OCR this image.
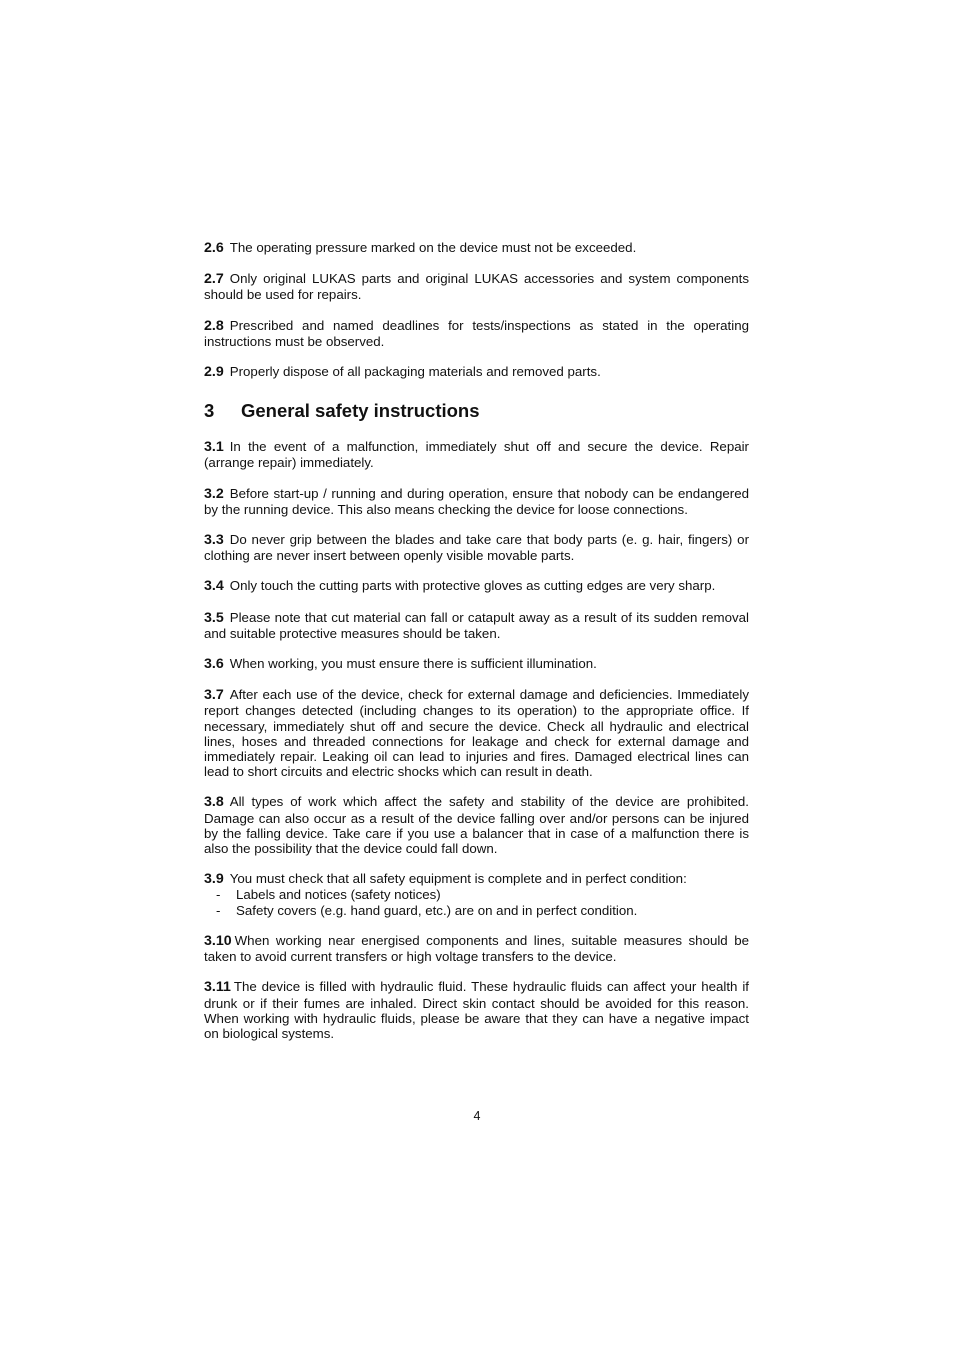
2.6 The operating pressure marked on the device must not be exceeded.

2.7 Only original LUKAS parts and original LUKAS accessories and system components should be used for repairs.

2.8 Prescribed and named deadlines for tests/inspections as stated in the operating instructions must be observed.

2.9 Properly dispose of all packaging materials and removed parts.

3 General safety instructions

3.1 In the event of a malfunction, immediately shut off and secure the device. Repair (arrange repair) immediately.

3.2 Before start-up / running and during operation, ensure that nobody can be endangered by the running device. This also means checking the device for loose connections.

3.3 Do never grip between the blades and take care that body parts (e. g. hair, fingers) or clothing are never insert between openly visible movable parts.

3.4 Only touch the cutting parts with protective gloves as cutting edges are very sharp.

3.5 Please note that cut material can fall or catapult away as a result of its sudden removal and suitable protective measures should be taken.

3.6 When working, you must ensure there is sufficient illumination.

3.7 After each use of the device, check for external damage and deficiencies. Immediately report changes detected (including changes to its operation) to the appropriate office. If necessary, immediately shut off and secure the device. Check all hydraulic and electrical lines, hoses and threaded connections for leakage and check for external damage and immediately repair. Leaking oil can lead to injuries and fires. Damaged electrical lines can lead to short circuits and electric shocks which can result in death.

3.8 All types of work which affect the safety and stability of the device are prohibited. Damage can also occur as a result of the device falling over and/or persons can be injured by the falling device. Take care if you use a balancer that in case of a malfunction there is also the possibility that the device could fall down.

3.9 You must check that all safety equipment is complete and in perfect condition:
- Labels and notices (safety notices)
- Safety covers (e.g. hand guard, etc.) are on and in perfect condition.

3.10 When working near energised components and lines, suitable measures should be taken to avoid current transfers or high voltage transfers to the device.

3.11 The device is filled with hydraulic fluid. These hydraulic fluids can affect your health if drunk or if their fumes are inhaled. Direct skin contact should be avoided for this reason. When working with hydraulic fluids, please be aware that they can have a negative impact on biological systems.

4
